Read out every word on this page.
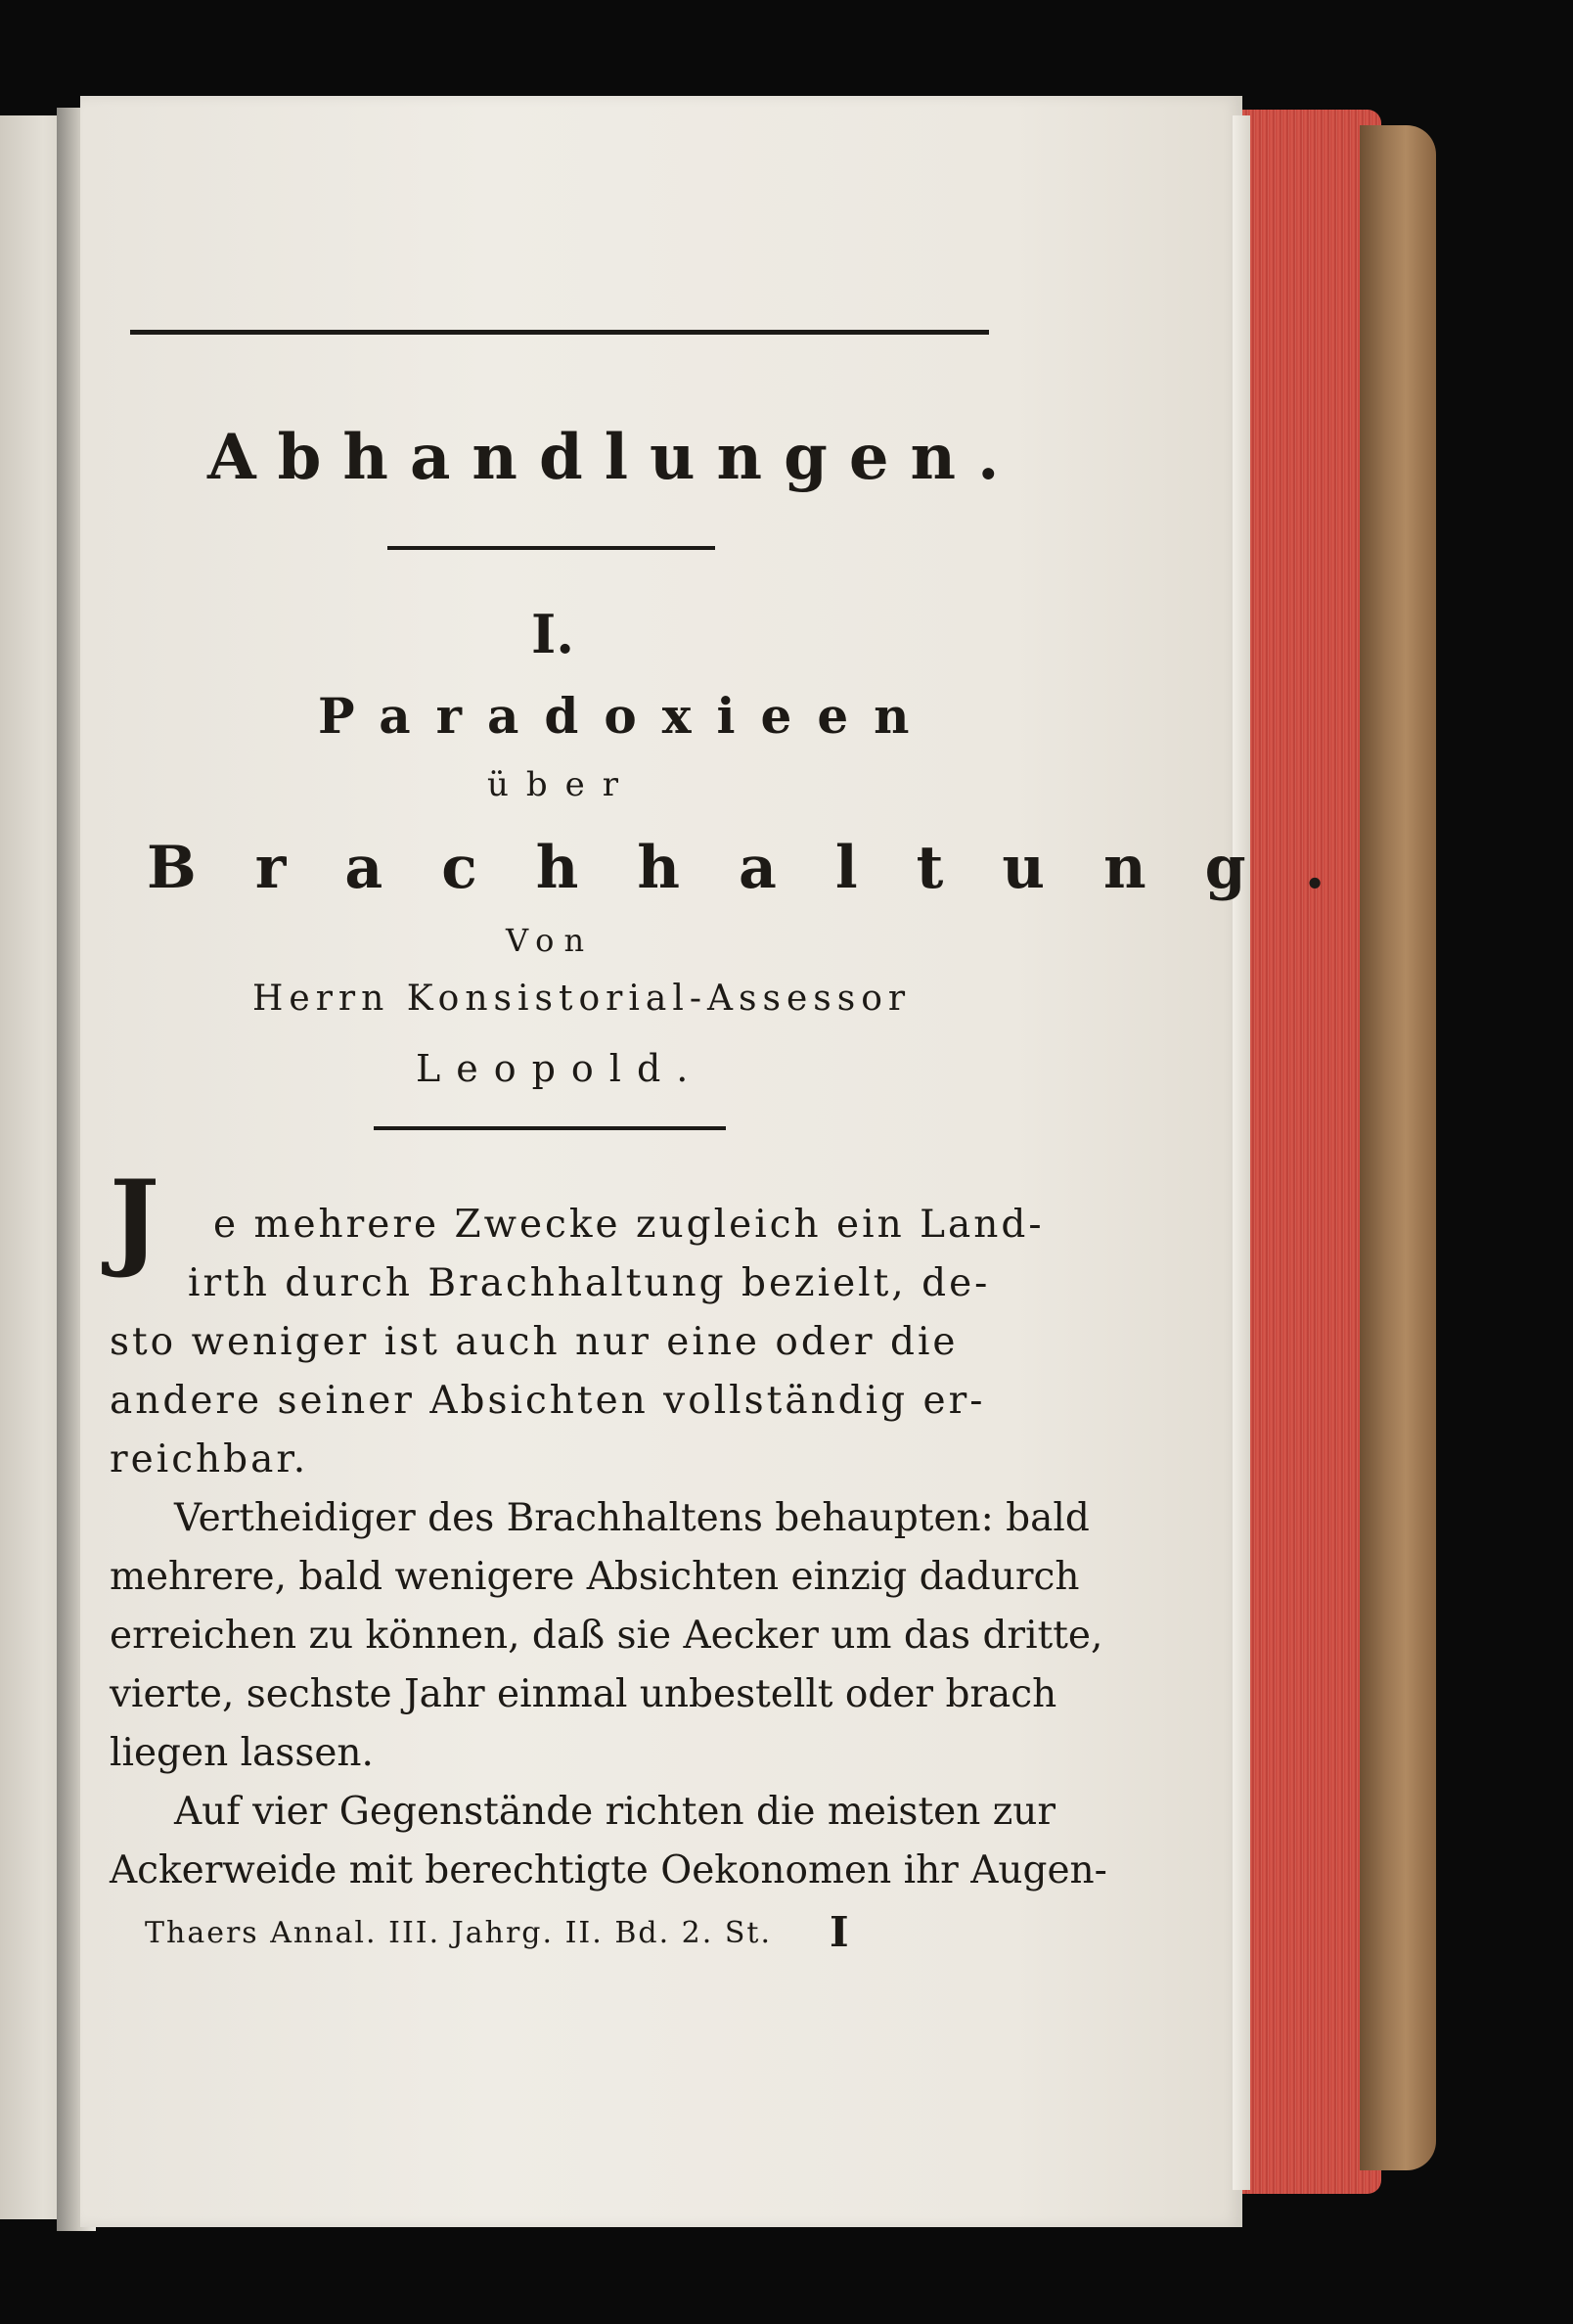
Abhandlungen.
I.
Paradoxieen
über
Brachhaltung.
Von
Herrn Konsistorial-Assessor
Leopold.
J e mehrere Zwecke zugleich ein Land-
irth durch Brachhaltung bezielt, de-
sto weniger ist auch nur eine oder die
andere seiner Absichten vollständig er-
reichbar.
Vertheidiger des Brachhaltens behaupten: bald
mehrere, bald wenigere Absichten einzig dadurch
erreichen zu können, daß sie Aecker um das dritte,
vierte, sechste Jahr einmal unbestellt oder brach
liegen lassen.
Auf vier Gegenstände richten die meisten zur
Ackerweide mit berechtigte Oekonomen ihr Augen-
Thaers Annal. III. Jahrg. II. Bd. 2. St. I
